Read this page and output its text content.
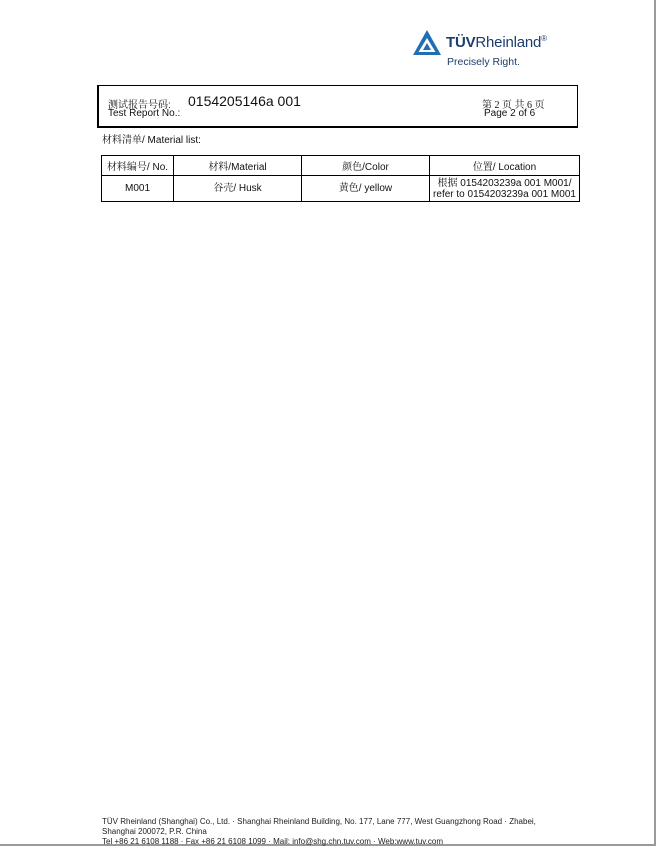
TÜVRheinland®
Precisely Right.
测试报告号码: 0154205146a 001
Test Report No.:
第 2 页 共 6 页
Page 2 of 6
材料清单/ Material list:
材料编号/ No.	材料/Material	颜色/Color	位置/ Location
M001	谷壳/ Husk	黄色/ yellow	根据 0154203239a 001 M001/
refer to 0154203239a 001 M001
TÜV Rheinland (Shanghai) Co., Ltd. · Shanghai Rheinland Building, No. 177, Lane 777, West Guangzhong Road · Zhabei,
Shanghai 200072, P.R. China
Tel +86 21 6108 1188 · Fax +86 21 6108 1099 · Mail: info@shg.chn.tuv.com · Web:www.tuv.com
